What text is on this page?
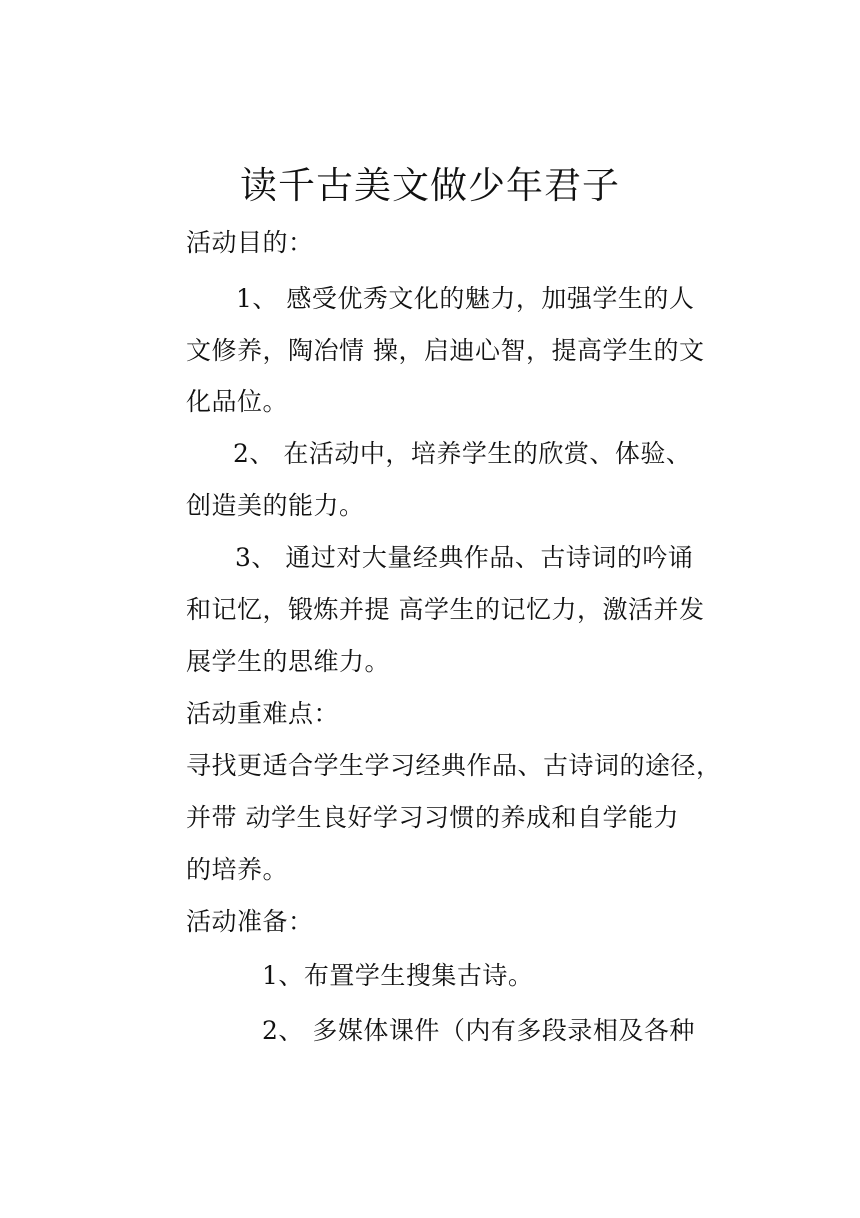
读千古美文做少年君子

活动目的：

1、 感受优秀文化的魅力，加强学生的人

文修养，陶冶情 操，启迪心智，提高学生的文

化品位。

2、 在活动中，培养学生的欣赏、体验、

创造美的能力。

3、 通过对大量经典作品、古诗词的吟诵

和记忆，锻炼并提 高学生的记忆力，激活并发

展学生的思维力。

活动重难点：

寻找更适合学生学习经典作品、古诗词的途径，

并带 动学生良好学习习惯的养成和自学能力

的培养。

活动准备：

1、布置学生搜集古诗。

2、 多媒体课件（内有多段录相及各种
